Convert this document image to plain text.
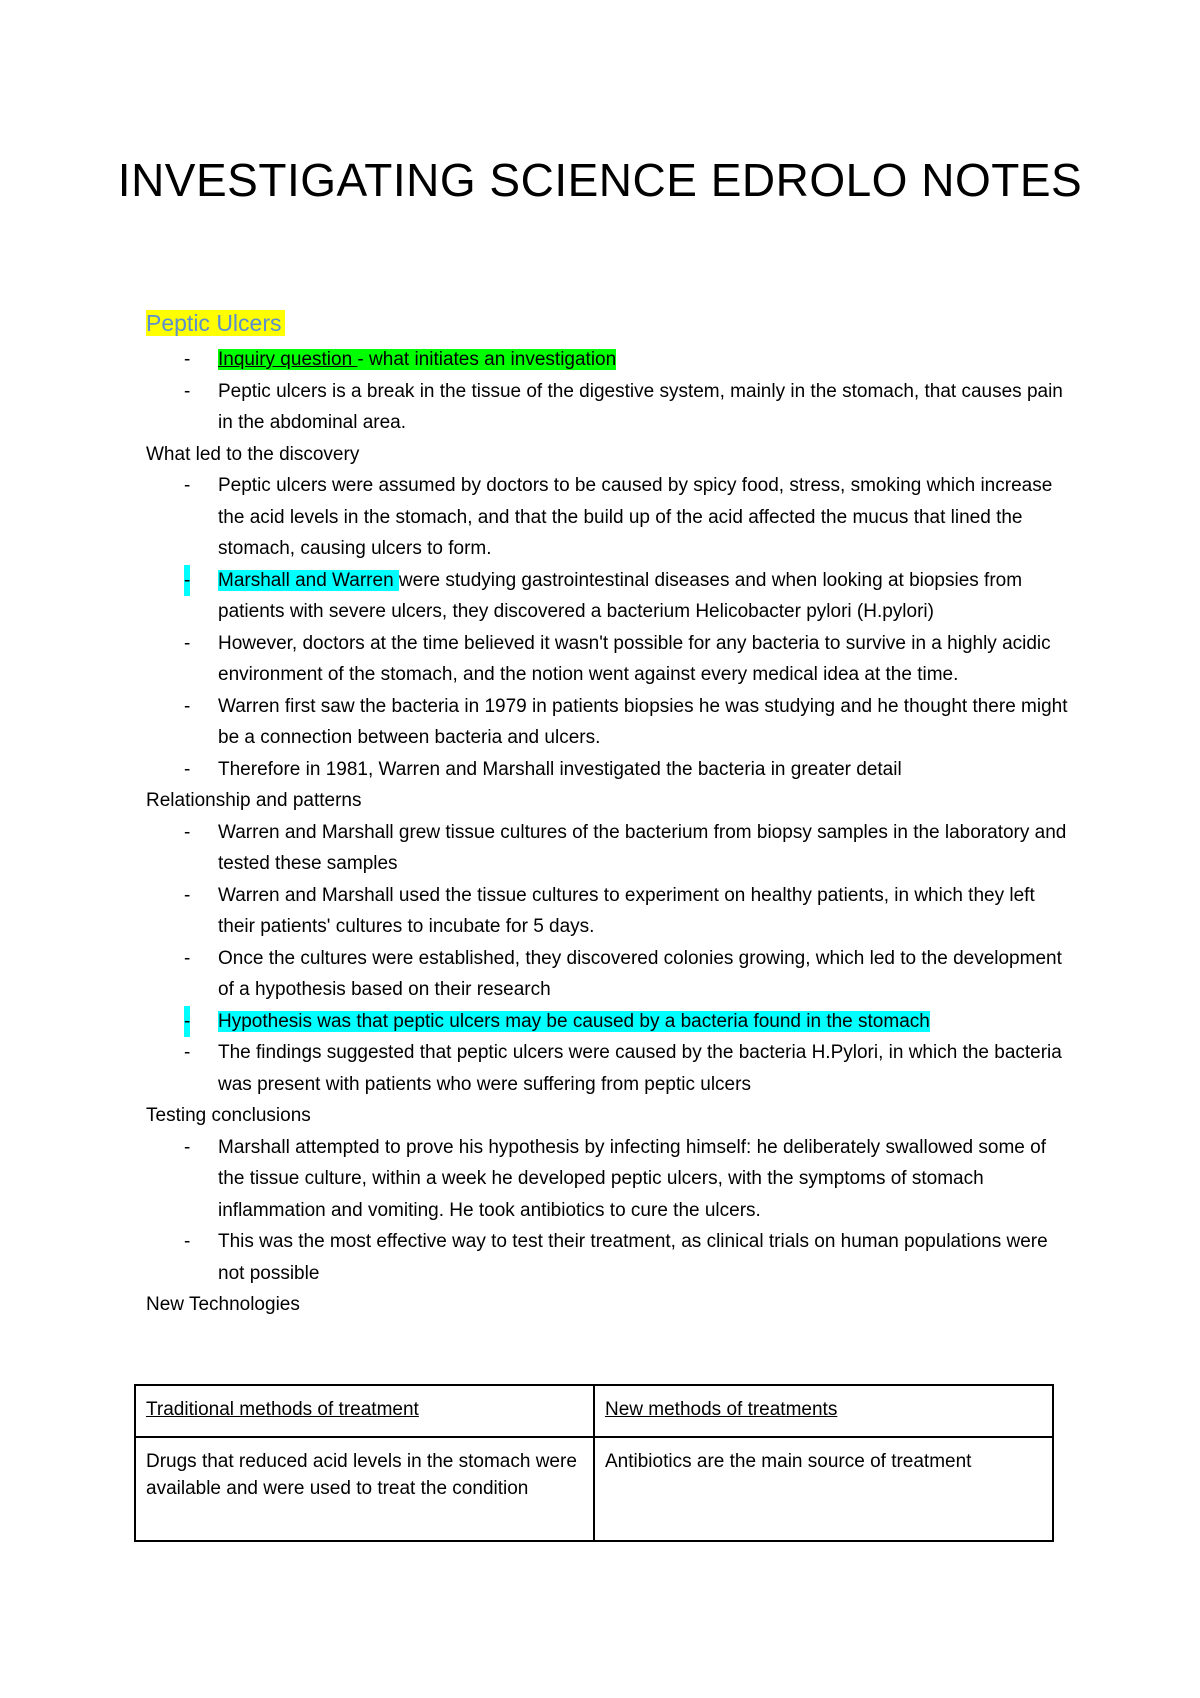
INVESTIGATING SCIENCE EDROLO NOTES
Peptic Ulcers
- Inquiry question - what initiates an investigation
- Peptic ulcers is a break in the tissue of the digestive system, mainly in the stomach, that causes pain in the abdominal area.
What led to the discovery
- Peptic ulcers were assumed by doctors to be caused by spicy food, stress, smoking which increase the acid levels in the stomach, and that the build up of the acid affected the mucus that lined the stomach, causing ulcers to form.
- Marshall and Warren were studying gastrointestinal diseases and when looking at biopsies from patients with severe ulcers, they discovered a bacterium Helicobacter pylori (H.pylori)
- However, doctors at the time believed it wasn't possible for any bacteria to survive in a highly acidic environment of the stomach, and the notion went against every medical idea at the time.
- Warren first saw the bacteria in 1979 in patients biopsies he was studying and he thought there might be a connection between bacteria and ulcers.
- Therefore in 1981, Warren and Marshall investigated the bacteria in greater detail
Relationship and patterns
- Warren and Marshall grew tissue cultures of the bacterium from biopsy samples in the laboratory and tested these samples
- Warren and Marshall used the tissue cultures to experiment on healthy patients, in which they left their patients' cultures to incubate for 5 days.
- Once the cultures were established, they discovered colonies growing, which led to the development of a hypothesis based on their research
- Hypothesis was that peptic ulcers may be caused by a bacteria found in the stomach
- The findings suggested that peptic ulcers were caused by the bacteria H.Pylori, in which the bacteria was present with patients who were suffering from peptic ulcers
Testing conclusions
- Marshall attempted to prove his hypothesis by infecting himself: he deliberately swallowed some of the tissue culture, within a week he developed peptic ulcers, with the symptoms of stomach inflammation and vomiting. He took antibiotics to cure the ulcers.
- This was the most effective way to test their treatment, as clinical trials on human populations were not possible
New Technologies
Traditional methods of treatment	New methods of treatments
Drugs that reduced acid levels in the stomach were available and were used to treat the condition	Antibiotics are the main source of treatment
